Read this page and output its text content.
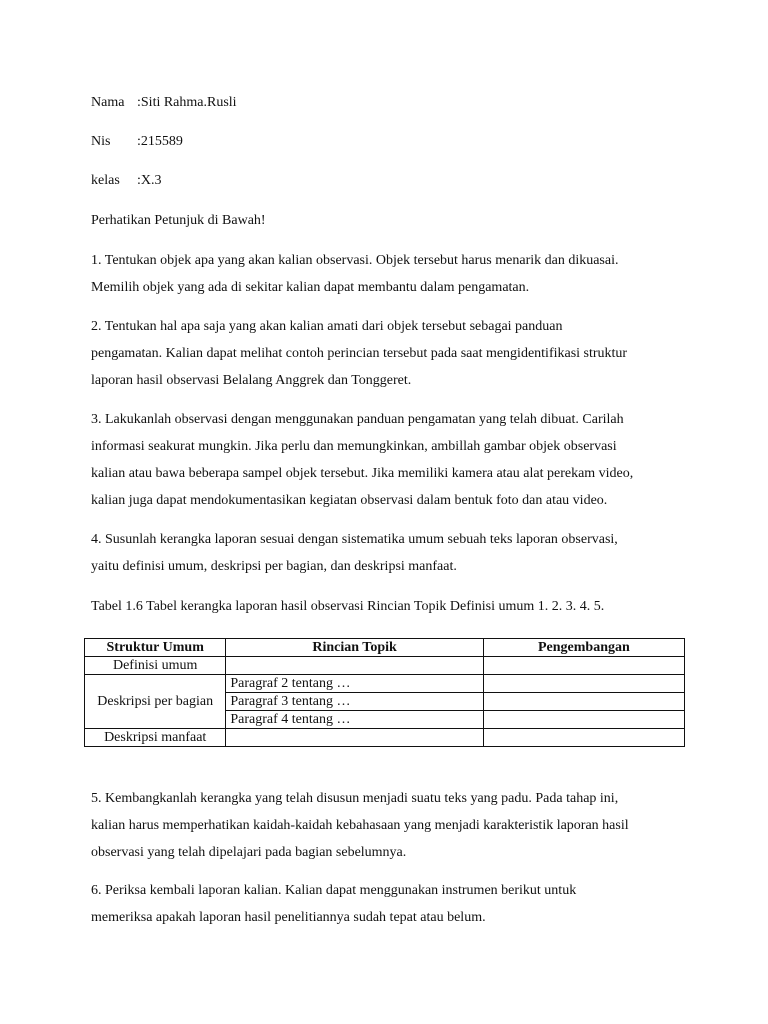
Nama :Siti Rahma.Rusli
Nis :215589
kelas :X.3
Perhatikan Petunjuk di Bawah!
1. Tentukan objek apa yang akan kalian observasi. Objek tersebut harus menarik dan dikuasai.
Memilih objek yang ada di sekitar kalian dapat membantu dalam pengamatan.
2. Tentukan hal apa saja yang akan kalian amati dari objek tersebut sebagai panduan
pengamatan. Kalian dapat melihat contoh perincian tersebut pada saat mengidentifikasi struktur
laporan hasil observasi Belalang Anggrek dan Tonggeret.
3. Lakukanlah observasi dengan menggunakan panduan pengamatan yang telah dibuat. Carilah
informasi seakurat mungkin. Jika perlu dan memungkinkan, ambillah gambar objek observasi
kalian atau bawa beberapa sampel objek tersebut. Jika memiliki kamera atau alat perekam video,
kalian juga dapat mendokumentasikan kegiatan observasi dalam bentuk foto dan atau video.
4. Susunlah kerangka laporan sesuai dengan sistematika umum sebuah teks laporan observasi,
yaitu definisi umum, deskripsi per bagian, dan deskripsi manfaat.
Tabel 1.6 Tabel kerangka laporan hasil observasi Rincian Topik Definisi umum 1. 2. 3. 4. 5.
Struktur Umum	Rincian Topik	Pengembangan
Definisi umum		
Deskripsi per bagian	Paragraf 2 tentang …	
	Paragraf 3 tentang …	
	Paragraf 4 tentang …	
Deskripsi manfaat		
5. Kembangkanlah kerangka yang telah disusun menjadi suatu teks yang padu. Pada tahap ini,
kalian harus memperhatikan kaidah-kaidah kebahasaan yang menjadi karakteristik laporan hasil
observasi yang telah dipelajari pada bagian sebelumnya.
6. Periksa kembali laporan kalian. Kalian dapat menggunakan instrumen berikut untuk
memeriksa apakah laporan hasil penelitiannya sudah tepat atau belum.
